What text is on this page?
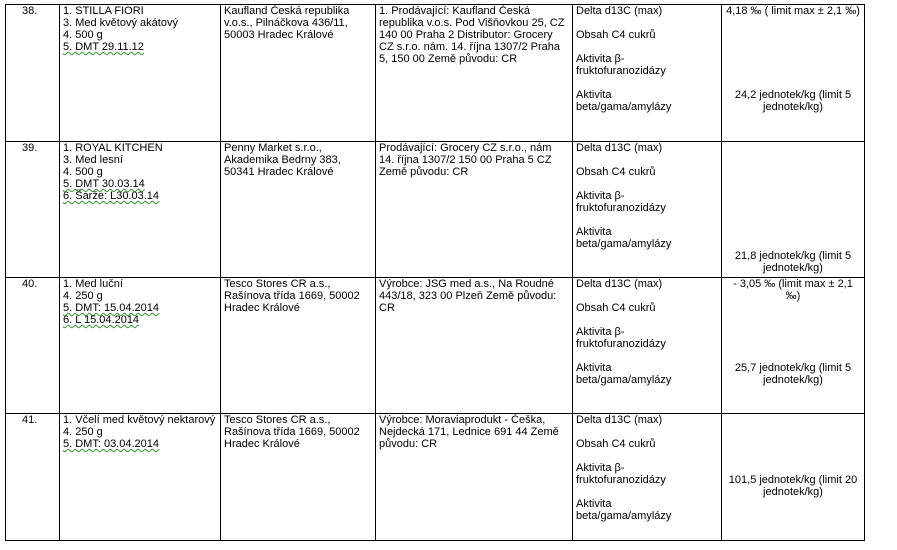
38.	1. STILLA FIORI
3. Med květový akátový
4. 500 g
5. DMT 29.11.12	Kaufland Česká republika v.o.s., Pilnáčkova 436/11, 50003 Hradec Králové	1. Prodávající: Kaufland Česká republika v.o.s. Pod Višňovkou 25, CZ 140 00 Praha 2 Distributor: Grocery CZ s.r.o. nám. 14. října 1307/2 Praha 5, 150 00 Země původu: CR	Delta d13C (max)
Obsah C4 cukrů
Aktivita β-fruktofuranozidázy
Aktivita beta/gama/amylázy	4,18 ‰ ( limit max ± 2,1 ‰)
24,2 jednotek/kg (limit 5 jednotek/kg)

39.	1. ROYAL KITCHEN
3. Med lesní
4. 500 g
5. DMT 30.03.14
6. Šarže: L30.03.14	Penny Market s.r.o., Akademika Bedrny 383, 50341 Hradec Králové	Prodávající: Grocery CZ s.r.o., nám 14. října 1307/2 150 00 Praha 5 CZ Země původu: CR	Delta d13C (max)
Obsah C4 cukrů
Aktivita β-fruktofuranozidázy
Aktivita beta/gama/amylázy	21,8 jednotek/kg (limit 5 jednotek/kg)

40.	1. Med luční
4. 250 g
5. DMT: 15.04.2014
6. L 15.04.2014	Tesco Stores CR a.s., Rašínova třída 1669, 50002 Hradec Králové	Výrobce: JSG med a.s., Na Roudné 443/18, 323 00 Plzeň Země původu: CR	Delta d13C (max)
Obsah C4 cukrů
Aktivita β-fruktofuranozidázy
Aktivita beta/gama/amylázy	- 3,05 ‰ (limit max ± 2,1 ‰)
25,7 jednotek/kg (limit 5 jednotek/kg)

41.	1. Včelí med květový nektarový
4. 250 g
5. DMT: 03.04.2014	Tesco Stores CR a.s., Rašínova třída 1669, 50002 Hradec Králové	Výrobce: Moraviaprodukt - Češka, Nejdecká 171, Lednice 691 44 Země původu: CR	Delta d13C (max)
Obsah C4 cukrů
Aktivita β-fruktofuranozidázy
Aktivita beta/gama/amylázy	101,5 jednotek/kg (limit 20 jednotek/kg)
